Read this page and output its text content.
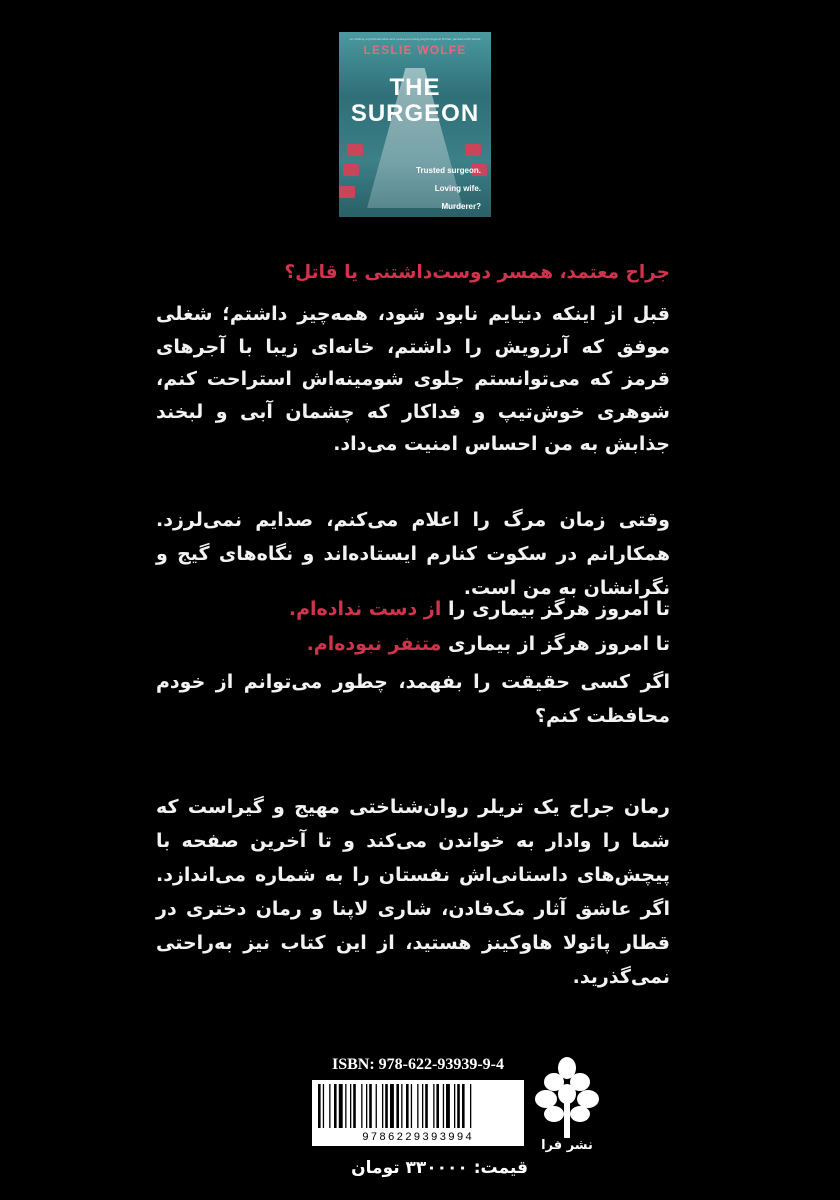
An utterly unputdownable and pulse-pounding psychological thriller packed with twists
LESLIE WOLFE
THE
SURGEON
Trusted surgeon.
Loving wife.
Murderer?
جراح معتمد، همسر دوست‌داشتنی یا قاتل؟
قبل از اینکه دنیایم نابود شود، همه‌چیز داشتم؛ شغلی موفق که آرزویش را داشتم، خانه‌ای زیبا با آجرهای قرمز که می‌توانستم جلوی شومینه‌اش استراحت کنم، شوهری خوش‌تیپ و فداکار که چشمان آبی و لبخند جذابش به من احساس امنیت می‌داد.
وقتی زمان مرگ را اعلام می‌کنم، صدایم نمی‌لرزد. همکارانم در سکوت کنارم ایستاده‌اند و نگاه‌های گیج و نگرانشان به من است.
تا امروز هرگز بیماری را از دست نداده‌ام.
تا امروز هرگز از بیماری متنفر نبوده‌ام.
اگر کسی حقیقت را بفهمد، چطور می‌توانم از خودم محافظت کنم؟
رمان جراح یک تریلر روان‌شناختی مهیج و گیراست که شما را وادار به خواندن می‌کند و تا آخرین صفحه با پیچش‌های داستانی‌اش نفستان را به شماره می‌اندازد. اگر عاشق آثار مک‌فادن، شاری لاپنا و رمان دختری در قطار پائولا هاوکینز هستید، از این کتاب نیز به‌راحتی نمی‌گذرید.
ISBN: 978-622-93939-9-4
9786229393994
قیمت: ۳۳۰۰۰۰ تومان
نشر فرا
